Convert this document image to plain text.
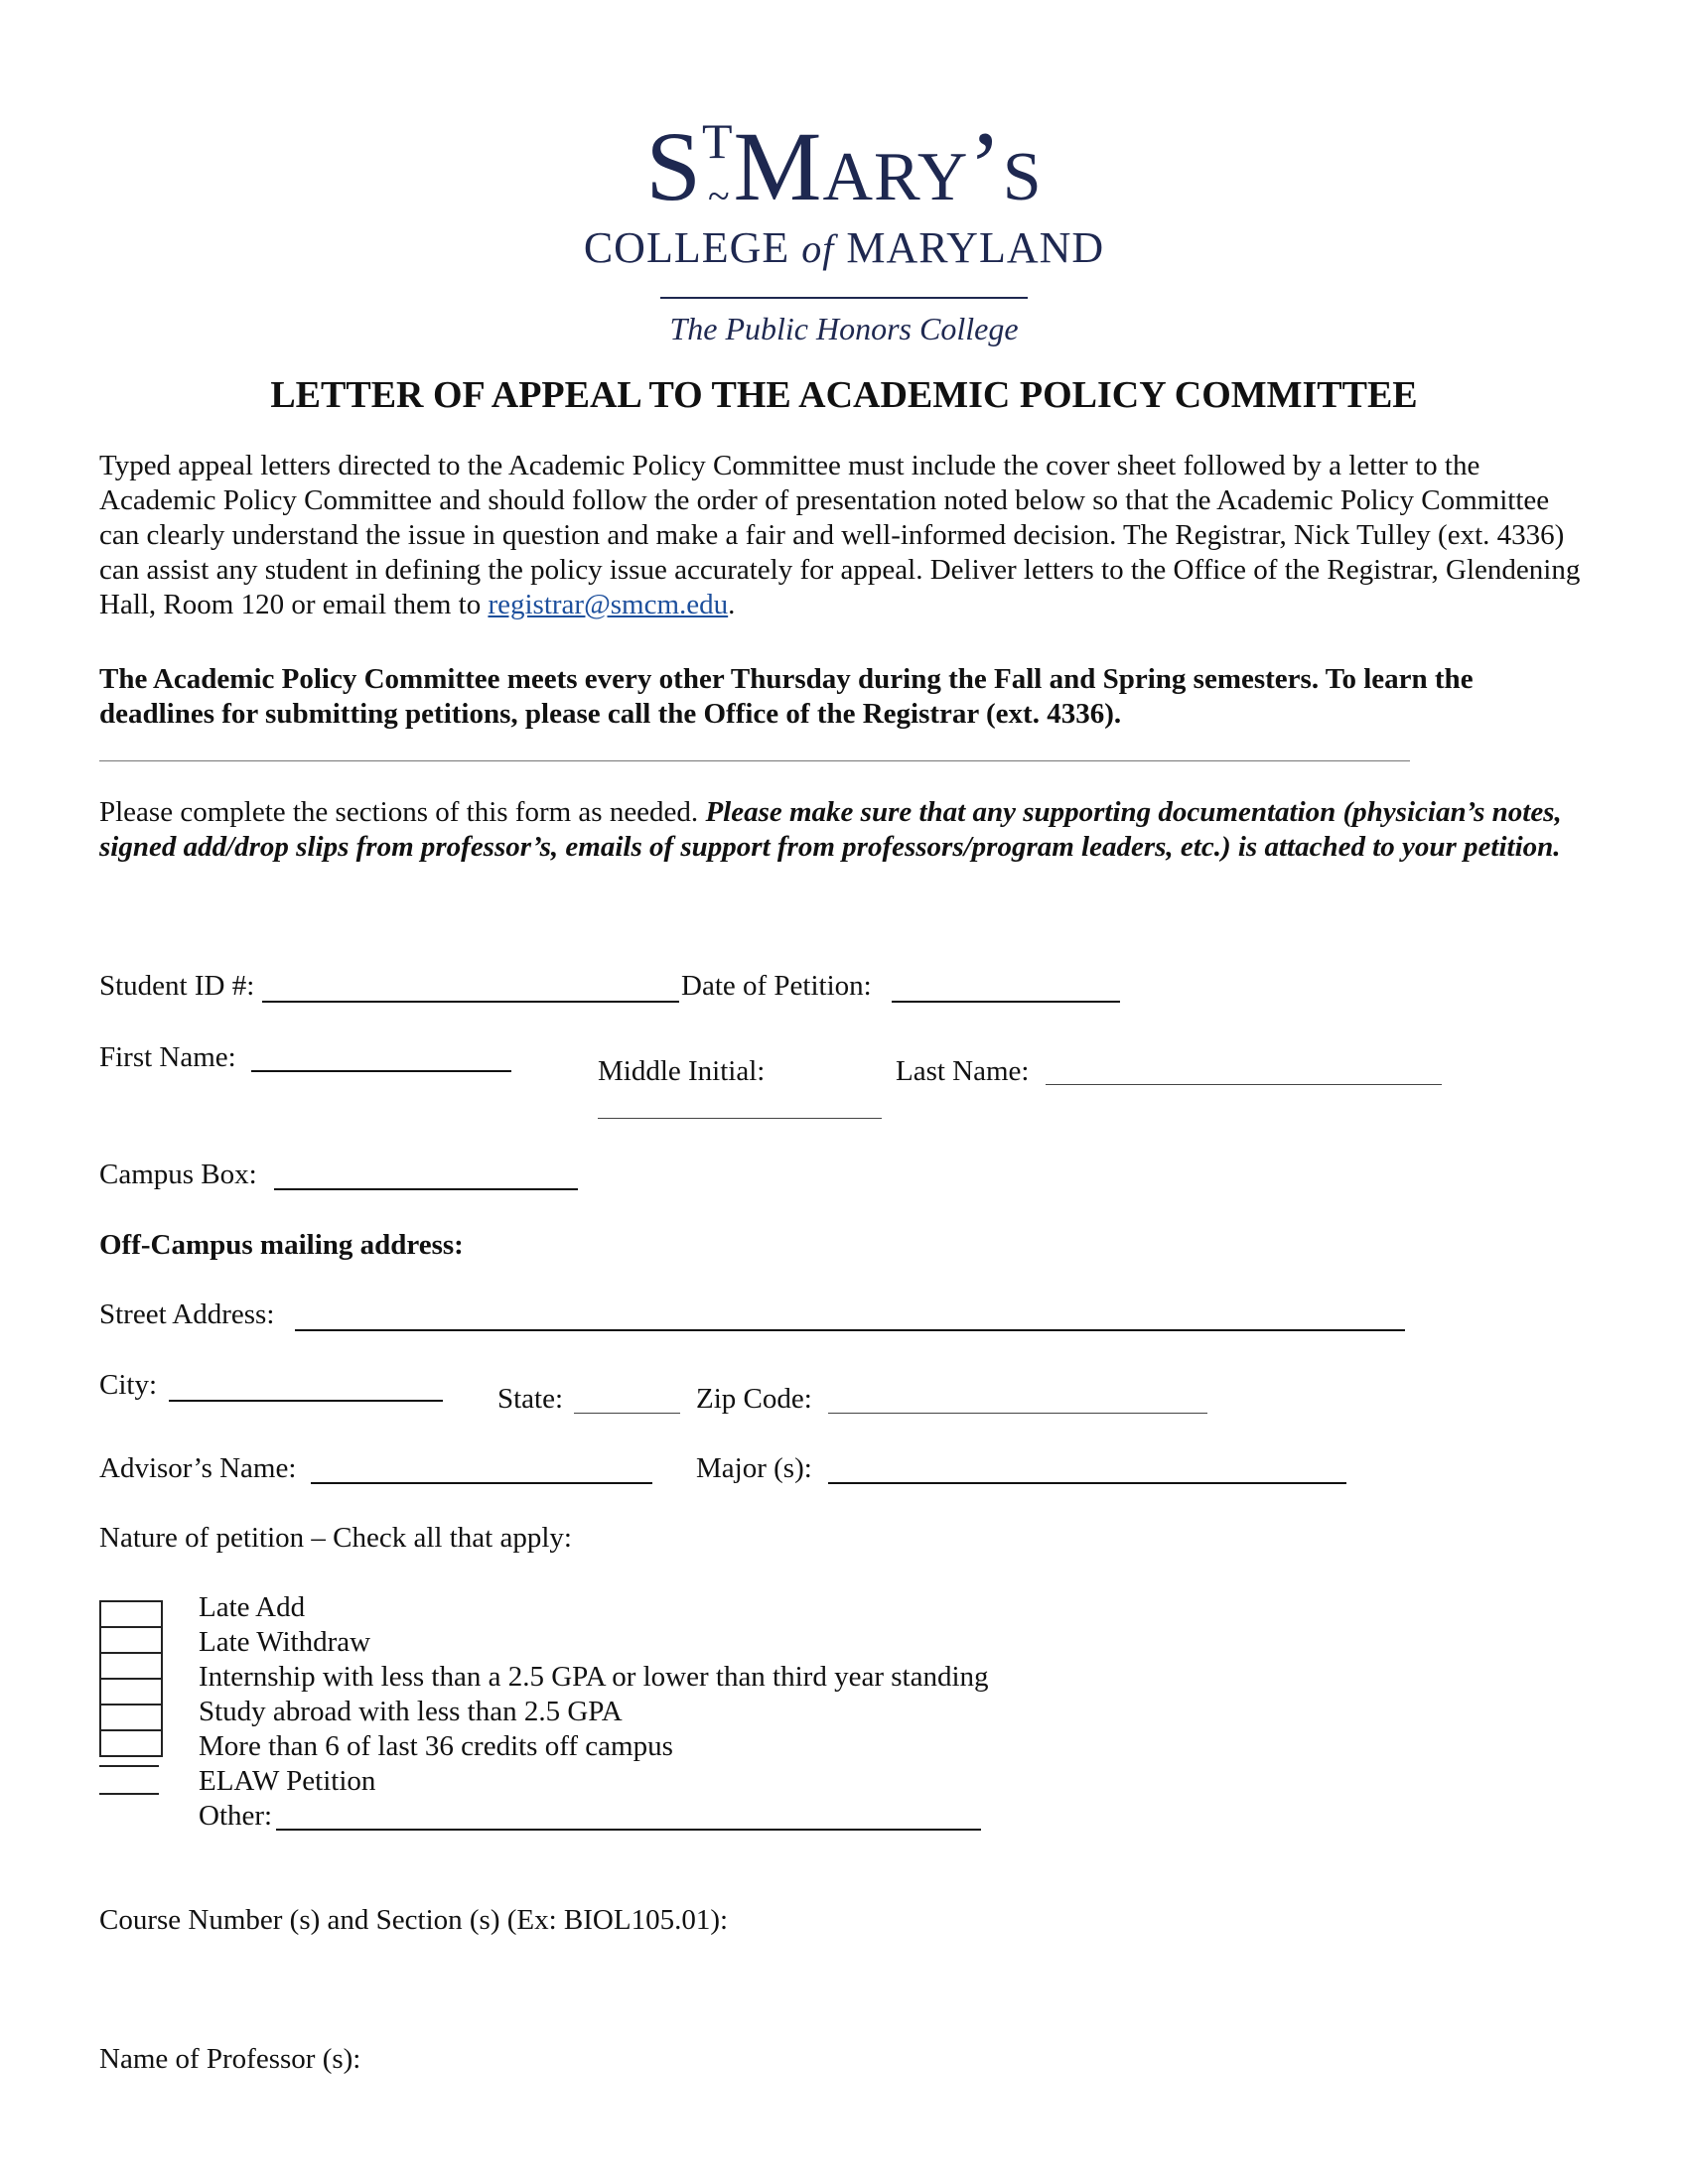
$S^T$ ~Mary’s
COLLEGE of MARYLAND
The Public Honors College
LETTER OF APPEAL TO THE ACADEMIC POLICY COMMITTEE

Typed appeal letters directed to the Academic Policy Committee must include the cover sheet followed by a letter to the Academic Policy Committee and should follow the order of presentation noted below so that the Academic Policy Committee can clearly understand the issue in question and make a fair and well-informed decision. The Registrar, Nick Tulley (ext. 4336) can assist any student in defining the policy issue accurately for appeal. Deliver letters to the Office of the Registrar, Glendening Hall, Room 120 or email them to registrar@smcm.edu.

The Academic Policy Committee meets every other Thursday during the Fall and Spring semesters. To learn the deadlines for submitting petitions, please call the Office of the Registrar (ext. 4336).

Please complete the sections of this form as needed. Please make sure that any supporting documentation (physician’s notes, signed add/drop slips from professor’s, emails of support from professors/program leaders, etc.) is attached to your petition.

Student ID #:	Date of Petition:
First Name:	Middle Initial:	Last Name:
Campus Box:
Off-Campus mailing address:
Street Address:
City:	State:	Zip Code:
Advisor’s Name:	Major (s):
Nature of petition – Check all that apply:
Late Add
Late Withdraw
Internship with less than a 2.5 GPA or lower than third year standing
Study abroad with less than 2.5 GPA
More than 6 of last 36 credits off campus
ELAW Petition
Other:
Course Number (s) and Section (s) (Ex: BIOL105.01):
Name of Professor (s):
